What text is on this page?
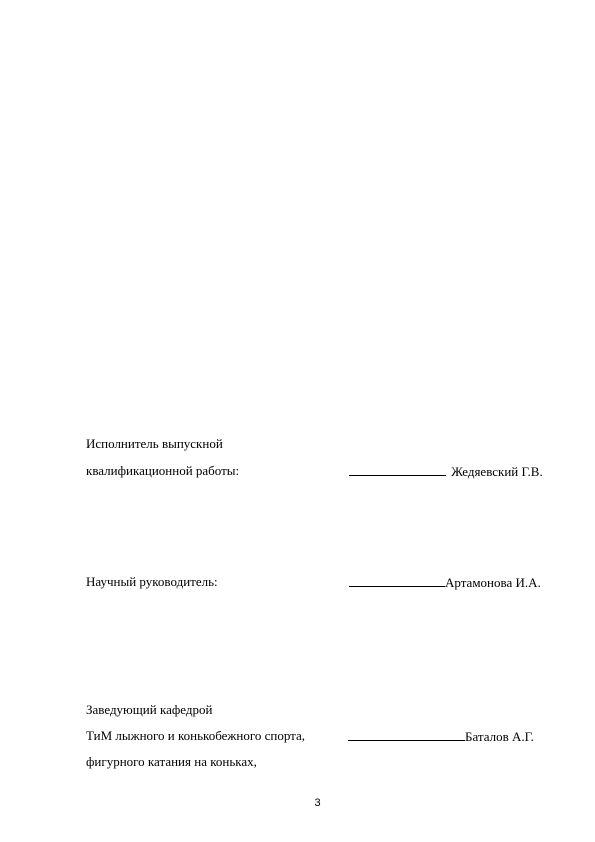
Исполнитель выпускной
квалификационной работы:	Жедяевский Г.В.
Научный руководитель:	Артамонова И.А.
Заведующий кафедрой
ТиМ лыжного и конькобежного спорта,	Баталов А.Г.
фигурного катания на коньках,
3
